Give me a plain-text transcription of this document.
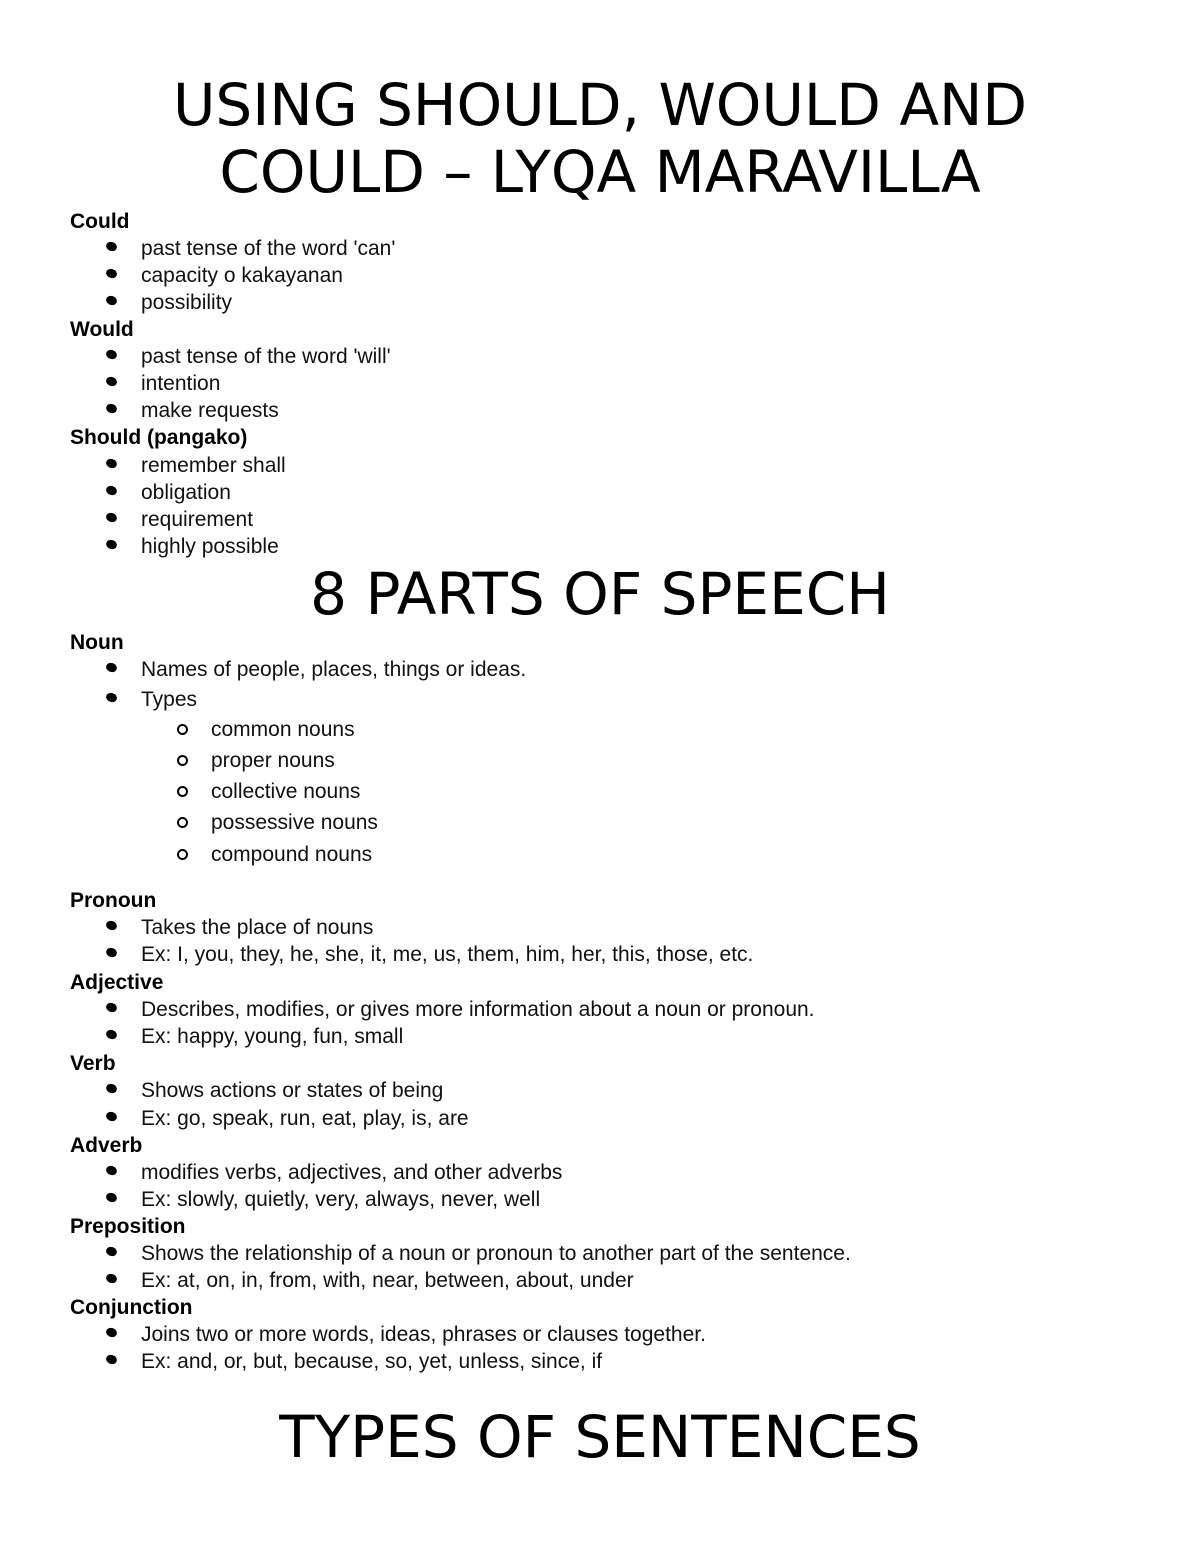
USING SHOULD, WOULD AND
COULD – LYQA MARAVILLA
Could
past tense of the word 'can'
capacity o kakayanan
possibility
Would
past tense of the word 'will'
intention
make requests
Should (pangako)
remember shall
obligation
requirement
highly possible
8 PARTS OF SPEECH
Noun
Names of people, places, things or ideas.
Types
common nouns
proper nouns
collective nouns
possessive nouns
compound nouns
Pronoun
Takes the place of nouns
Ex: I, you, they, he, she, it, me, us, them, him, her, this, those, etc.
Adjective
Describes, modifies, or gives more information about a noun or pronoun.
Ex: happy, young, fun, small
Verb
Shows actions or states of being
Ex: go, speak, run, eat, play, is, are
Adverb
modifies verbs, adjectives, and other adverbs
Ex: slowly, quietly, very, always, never, well
Preposition
Shows the relationship of a noun or pronoun to another part of the sentence.
Ex: at, on, in, from, with, near, between, about, under
Conjunction
Joins two or more words, ideas, phrases or clauses together.
Ex: and, or, but, because, so, yet, unless, since, if
TYPES OF SENTENCES
